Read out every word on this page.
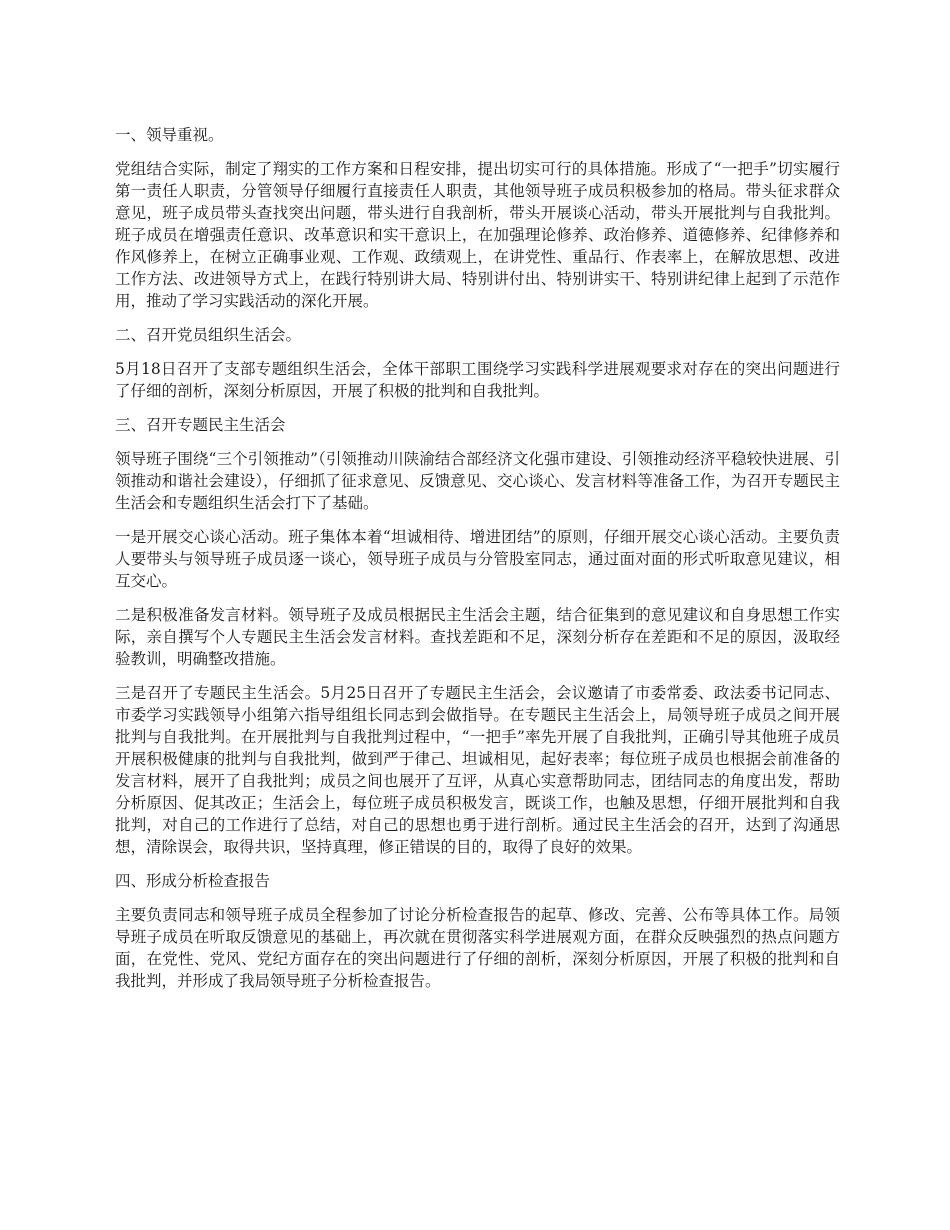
一、领导重视。
党组结合实际，制定了翔实的工作方案和日程安排，提出切实可行的具体措施。形成了“一把手”切实履行第一责任人职责，分管领导仔细履行直接责任人职责，其他领导班子成员积极参加的格局。带头征求群众意见，班子成员带头查找突出问题，带头进行自我剖析，带头开展谈心活动，带头开展批判与自我批判。班子成员在增强责任意识、改革意识和实干意识上，在加强理论修养、政治修养、道德修养、纪律修养和作风修养上，在树立正确事业观、工作观、政绩观上，在讲党性、重品行、作表率上，在解放思想、改进工作方法、改进领导方式上，在践行特别讲大局、特别讲付出、特别讲实干、特别讲纪律上起到了示范作用，推动了学习实践活动的深化开展。
二、召开党员组织生活会。
5月18日召开了支部专题组织生活会，全体干部职工围绕学习实践科学进展观要求对存在的突出问题进行了仔细的剖析，深刻分析原因，开展了积极的批判和自我批判。
三、召开专题民主生活会
领导班子围绕“三个引领推动”（引领推动川陕渝结合部经济文化强市建设、引领推动经济平稳较快进展、引领推动和谐社会建设），仔细抓了征求意见、反馈意见、交心谈心、发言材料等准备工作，为召开专题民主生活会和专题组织生活会打下了基础。
一是开展交心谈心活动。班子集体本着“坦诚相待、增进团结”的原则，仔细开展交心谈心活动。主要负责人要带头与领导班子成员逐一谈心，领导班子成员与分管股室同志，通过面对面的形式听取意见建议，相互交心。
二是积极准备发言材料。领导班子及成员根据民主生活会主题，结合征集到的意见建议和自身思想工作实际，亲自撰写个人专题民主生活会发言材料。查找差距和不足，深刻分析存在差距和不足的原因，汲取经验教训，明确整改措施。
三是召开了专题民主生活会。5月25日召开了专题民主生活会，会议邀请了市委常委、政法委书记同志、市委学习实践领导小组第六指导组组长同志到会做指导。在专题民主生活会上，局领导班子成员之间开展批判与自我批判。在开展批判与自我批判过程中，“一把手”率先开展了自我批判，正确引导其他班子成员开展积极健康的批判与自我批判，做到严于律己、坦诚相见，起好表率；每位班子成员也根据会前准备的发言材料，展开了自我批判；成员之间也展开了互评，从真心实意帮助同志，团结同志的角度出发，帮助分析原因、促其改正；生活会上，每位班子成员积极发言，既谈工作，也触及思想，仔细开展批判和自我批判，对自己的工作进行了总结，对自己的思想也勇于进行剖析。通过民主生活会的召开，达到了沟通思想，清除误会，取得共识，坚持真理，修正错误的目的，取得了良好的效果。
四、形成分析检查报告
主要负责同志和领导班子成员全程参加了讨论分析检查报告的起草、修改、完善、公布等具体工作。局领导班子成员在听取反馈意见的基础上，再次就在贯彻落实科学进展观方面，在群众反映强烈的热点问题方面，在党性、党风、党纪方面存在的突出问题进行了仔细的剖析，深刻分析原因，开展了积极的批判和自我批判，并形成了我局领导班子分析检查报告。
